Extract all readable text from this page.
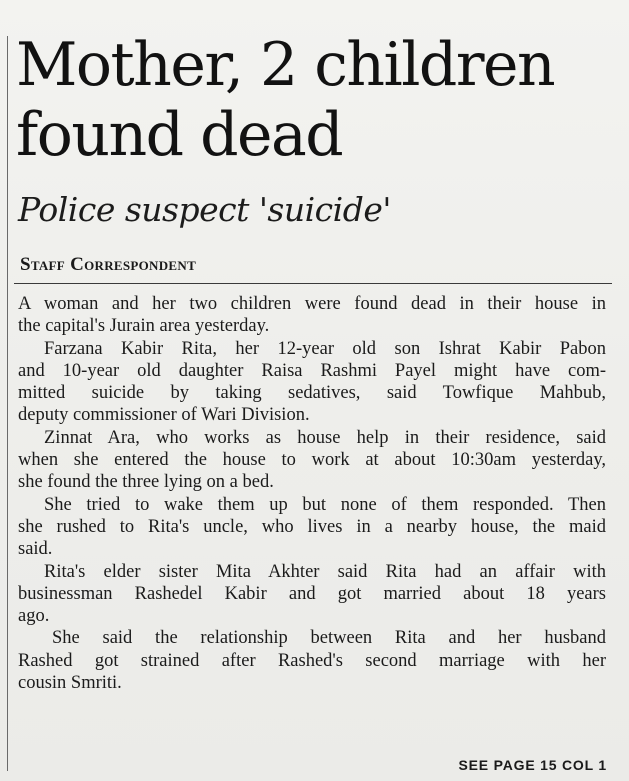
Mother, 2 children
found dead
Police suspect 'suicide'
Staff Correspondent

A woman and her two children were found dead in their house in
the capital's Jurain area yesterday.

Farzana Kabir Rita, her 12-year old son Ishrat Kabir Pabon
and 10-year old daughter Raisa Rashmi Payel might have com-
mitted suicide by taking sedatives, said Towfique Mahbub,
deputy commissioner of Wari Division.

Zinnat Ara, who works as house help in their residence, said
when she entered the house to work at about 10:30am yesterday,
she found the three lying on a bed.

She tried to wake them up but none of them responded. Then
she rushed to Rita's uncle, who lives in a nearby house, the maid
said.

Rita's elder sister Mita Akhter said Rita had an affair with
businessman Rashedel Kabir and got married about 18 years
ago.

She said the relationship between Rita and her husband
Rashed got strained after Rashed's second marriage with her
cousin Smriti.

SEE PAGE 15 COL 1
